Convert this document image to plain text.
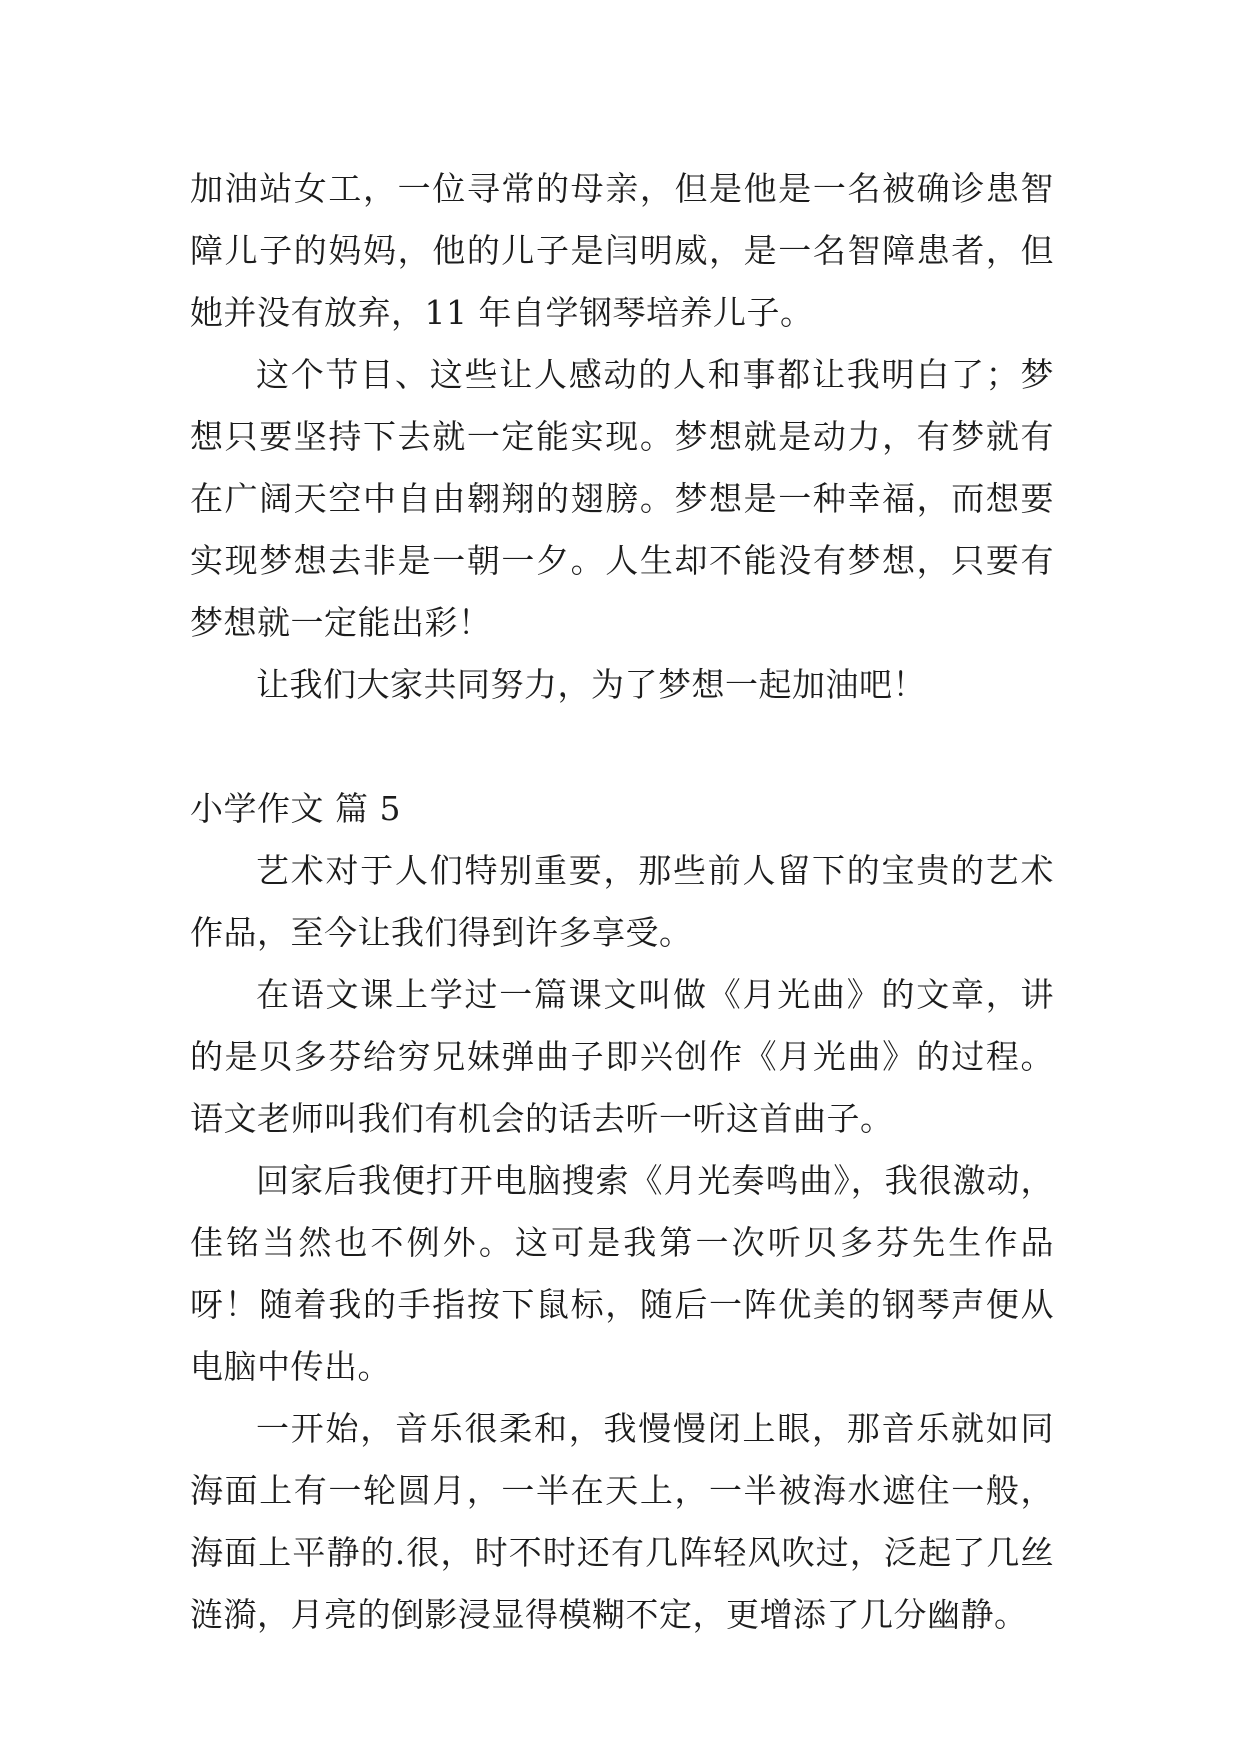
加油站女工，一位寻常的母亲，但是他是一名被确诊患智障儿子的妈妈，他的儿子是闫明威，是一名智障患者，但她并没有放弃，11 年自学钢琴培养儿子。

这个节目、这些让人感动的人和事都让我明白了；梦想只要坚持下去就一定能实现。梦想就是动力，有梦就有在广阔天空中自由翱翔的翅膀。梦想是一种幸福，而想要实现梦想去非是一朝一夕。人生却不能没有梦想，只要有梦想就一定能出彩！

让我们大家共同努力，为了梦想一起加油吧！

小学作文 篇 5

艺术对于人们特别重要，那些前人留下的宝贵的艺术作品，至今让我们得到许多享受。

在语文课上学过一篇课文叫做《月光曲》的文章，讲的是贝多芬给穷兄妹弹曲子即兴创作《月光曲》的过程。语文老师叫我们有机会的话去听一听这首曲子。

回家后我便打开电脑搜索《月光奏鸣曲》，我很激动，佳铭当然也不例外。这可是我第一次听贝多芬先生作品呀！随着我的手指按下鼠标，随后一阵优美的钢琴声便从电脑中传出。

一开始，音乐很柔和，我慢慢闭上眼，那音乐就如同海面上有一轮圆月，一半在天上，一半被海水遮住一般，海面上平静的.很，时不时还有几阵轻风吹过，泛起了几丝涟漪，月亮的倒影浸显得模糊不定，更增添了几分幽静。
